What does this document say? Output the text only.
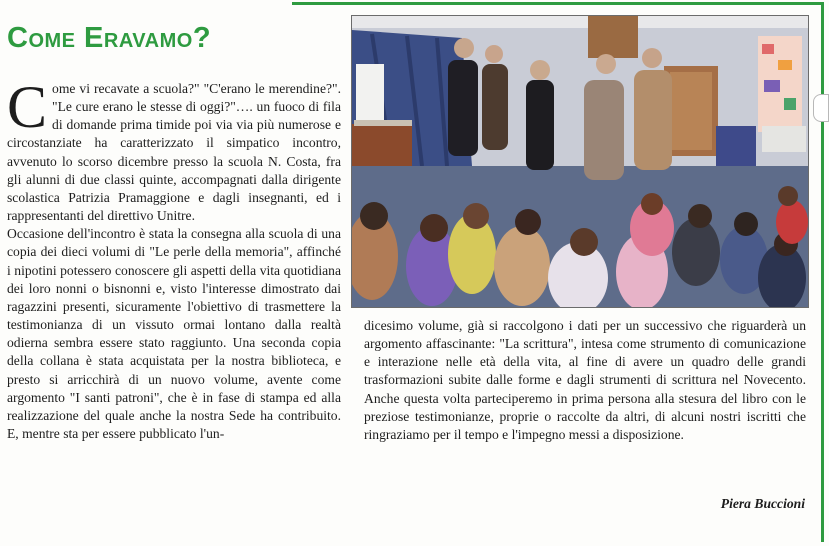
Come Eravamo?

Come vi recavate a scuola?" "C'erano le merendine?". "Le cure erano le stesse di oggi?"…. un fuoco di fila di domande prima timide poi via via più numerose e circostanziate ha caratterizzato il simpatico incontro, avvenuto lo scorso dicembre presso la scuola N. Costa, fra gli alunni di due classi quinte, accompagnati dalla dirigente scolastica Patrizia Pramaggione e dagli insegnanti, ed i rappresentanti del direttivo Unitre.

Occasione dell'incontro è stata la consegna alla scuola di una copia dei dieci volumi di "Le perle della memoria", affinché i nipotini potessero conoscere gli aspetti della vita quotidiana dei loro nonni o bisnonni e, visto l'interesse dimostrato dai ragazzini presenti, sicuramente l'obiettivo di trasmettere la testimonianza di un vissuto ormai lontano dalla realtà odierna sembra essere stato raggiunto. Una seconda copia della collana è stata acquistata per la nostra biblioteca, e presto si arricchirà di un nuovo volume, avente come argomento "I santi patroni", che è in fase di stampa ed alla realizzazione del quale anche la nostra Sede ha contribuito. E, mentre sta per essere pubblicato l'un-

dicesimo volume, già si raccolgono i dati per un successivo che riguarderà un argomento affascinante: "La scrittura", intesa come strumento di comunicazione e interazione nelle età della vita, al fine di avere un quadro delle grandi trasformazioni subite dalle forme e dagli strumenti di scrittura nel Novecento. Anche questa volta parteciperemo in prima persona alla stesura del libro con le preziose testimonianze, proprie o raccolte da altri, di alcuni nostri iscritti che ringraziamo per il tempo e l'impegno messi a disposizione.

Piera Buccioni
